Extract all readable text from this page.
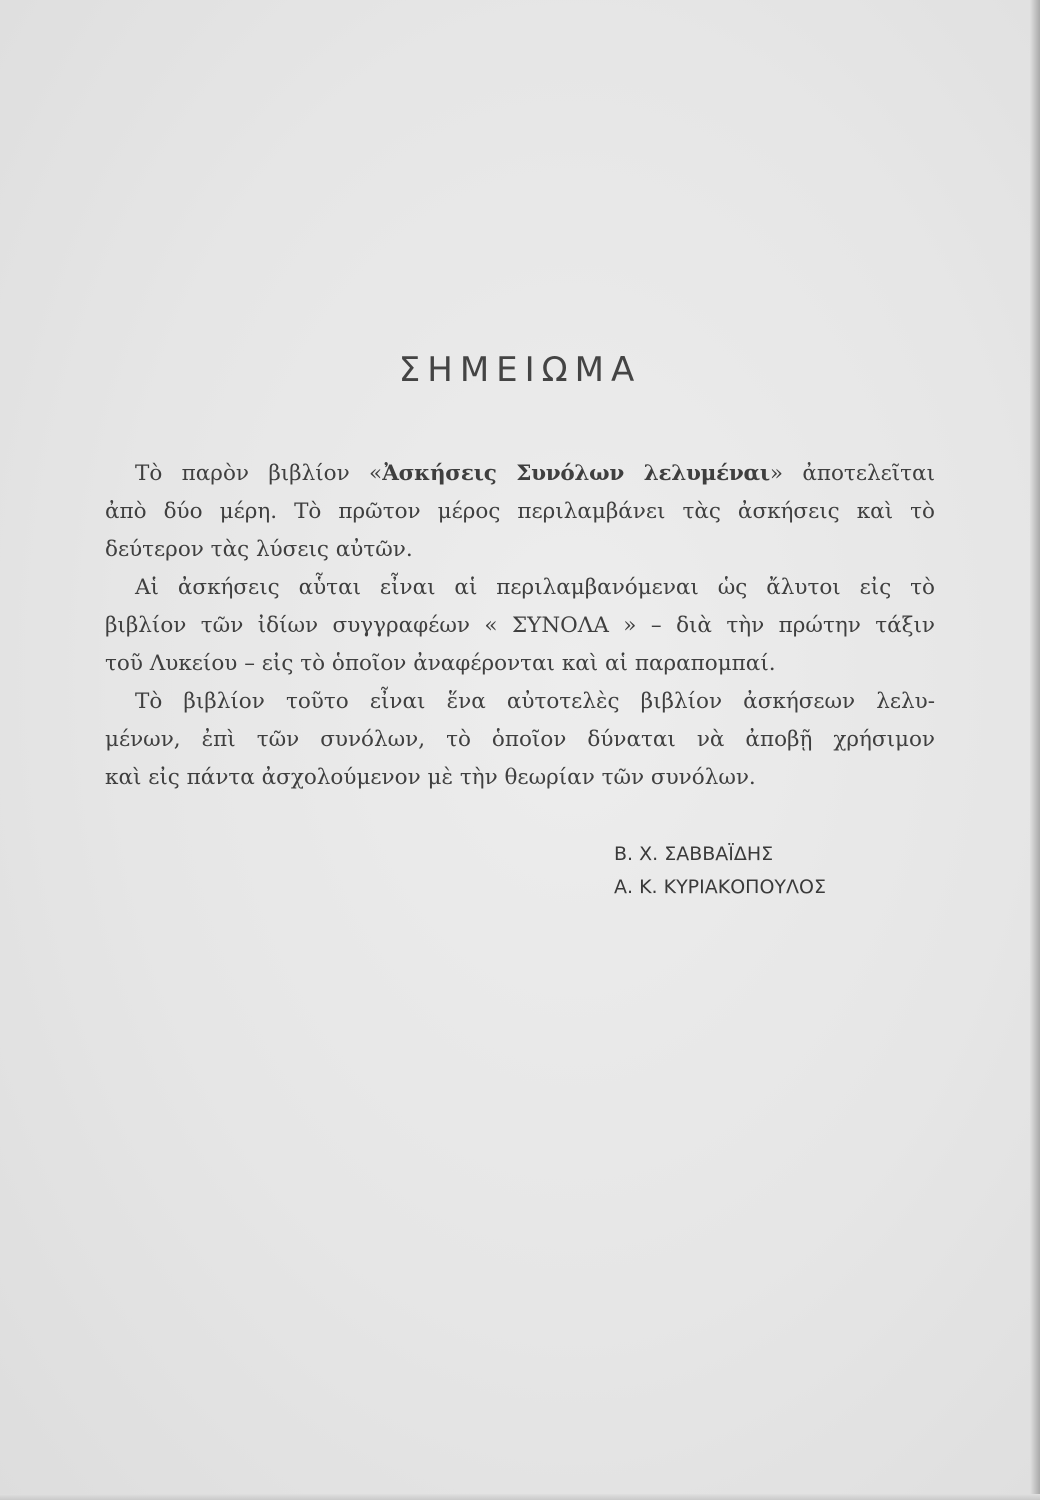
ΣΗΜΕΙΩΜΑ
Τὸ παρὸν βιβλίον «Ἀσκήσεις Συνόλων λελυμέναι» ἀποτελεῖται
ἀπὸ δύο μέρη. Τὸ πρῶτον μέρος περιλαμβάνει τὰς ἀσκήσεις καὶ τὸ
δεύτερον τὰς λύσεις αὐτῶν.
Αἱ ἀσκήσεις αὗται εἶναι αἱ περιλαμβανόμεναι ὡς ἄλυτοι εἰς τὸ
βιβλίον τῶν ἰδίων συγγραφέων « ΣΥΝΟΛΑ » – διὰ τὴν πρώτην τάξιν
τοῦ Λυκείου – εἰς τὸ ὁποῖον ἀναφέρονται καὶ αἱ παραπομπαί.
Τὸ βιβλίον τοῦτο εἶναι ἕνα αὐτοτελὲς βιβλίον ἀσκήσεων λελυ-
μένων, ἐπὶ τῶν συνόλων, τὸ ὁποῖον δύναται νὰ ἀποβῇ χρήσιμον
καὶ εἰς πάντα ἀσχολούμενον μὲ τὴν θεωρίαν τῶν συνόλων.
Β. Χ. ΣΑΒΒΑΪΔΗΣ
Α. Κ. ΚΥΡΙΑΚΟΠΟΥΛΟΣ
